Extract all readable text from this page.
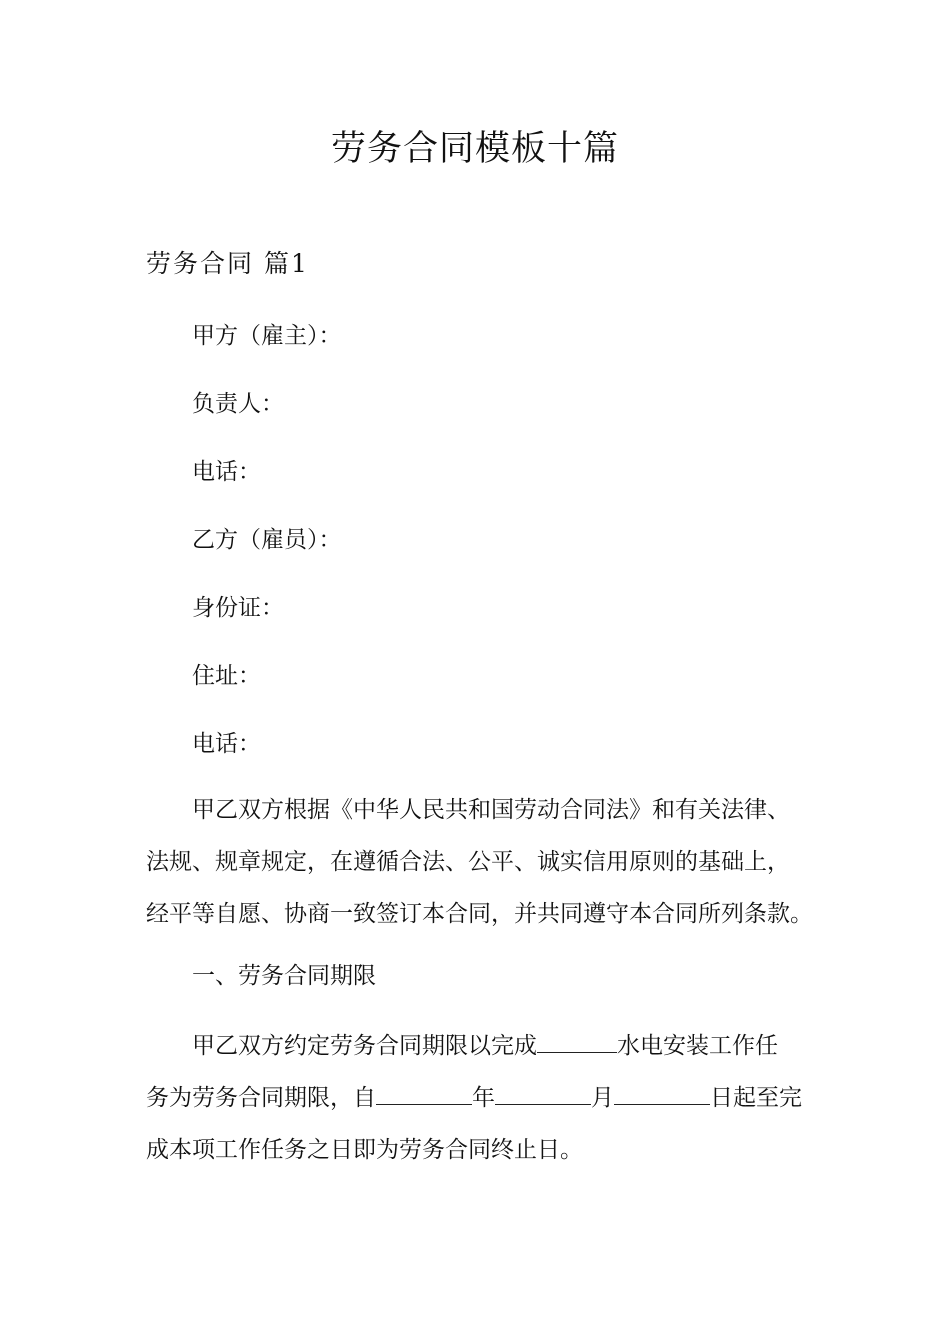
劳务合同模板十篇
劳务合同 篇1
甲方（雇主）：
负责人：
电话：
乙方（雇员）：
身份证：
住址：
电话：
甲乙双方根据《中华人民共和国劳动合同法》和有关法律、
法规、规章规定，在遵循合法、公平、诚实信用原则的基础上，
经平等自愿、协商一致签订本合同，并共同遵守本合同所列条款。
一、劳务合同期限
甲乙双方约定劳务合同期限以完成	水电安装工作任
务为劳务合同期限，自	年	月	日起至完
成本项工作任务之日即为劳务合同终止日。
